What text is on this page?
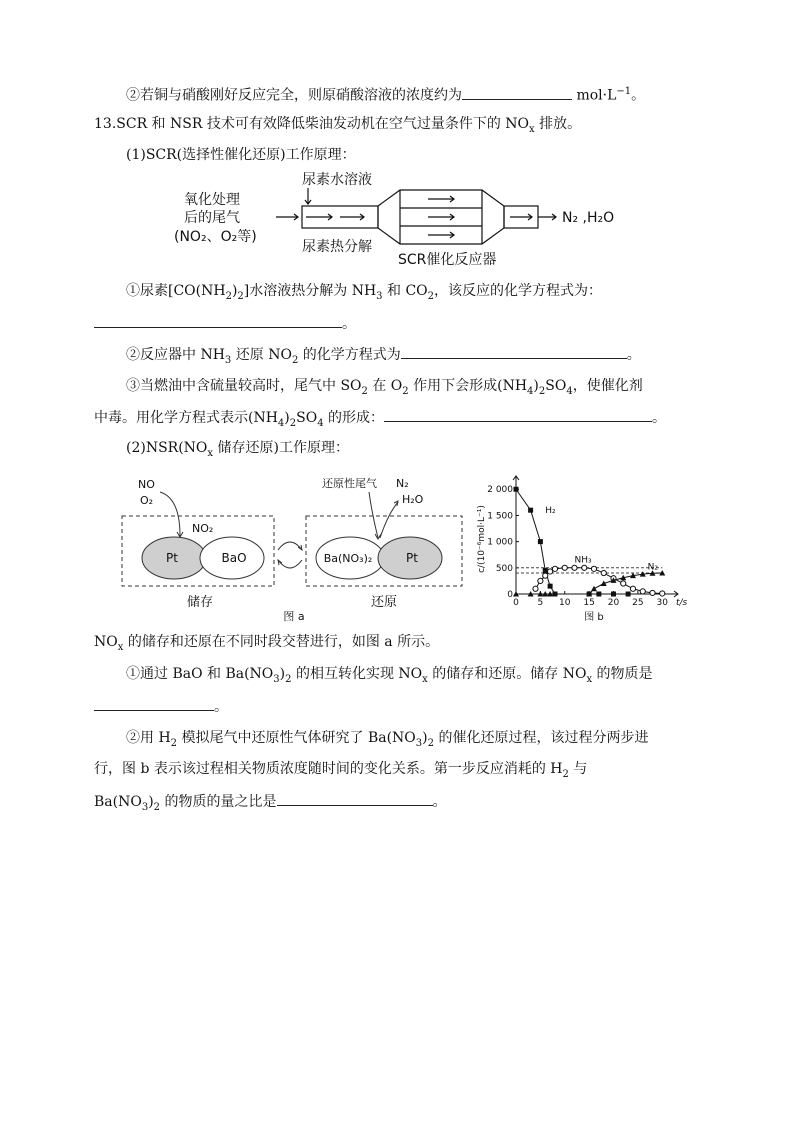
②若铜与硝酸刚好反应完全，则原硝酸溶液的浓度约为	$mol\cdot L^{-1}$。
13.SCR 和 NSR 技术可有效降低柴油发动机在空气过量条件下的 $NO_x$ 排放。
(1)SCR(选择性催化还原)工作原理：
氧化处理
后的尾气
(NO₂、O₂等)
尿素水溶液
尿素热分解
SCR催化反应器
N₂ ,H₂O
①尿素$[CO(NH_2)_2]$水溶液热分解为 $NH_3$ 和 $CO_2$，该反应的化学方程式为：
。
②反应器中 $NH_3$ 还原 $NO_2$ 的化学方程式为	。
③当燃油中含硫量较高时，尾气中 $SO_2$ 在 $O_2$ 作用下会形成$(NH_4)_2SO_4$，使催化剂
中毒。用化学方程式表示$(NH_4)_2SO_4$ 的形成：	。
$(2)NSR(NO_x$ 储存还原)工作原理：
NO
O₂
NO₂
还原性尾气 N₂
H₂O
Pt	BaO	Ba(NO₃)₂	Pt
储存	还原
图 a
0 5 10 15 20 25 30
0
500
1 000
1 500
2 000
t/s
c/(10⁻⁶mol·L⁻¹)
图 b
H₂
NH₃
N₂
$NO_x$ 的储存和还原在不同时段交替进行，如图 a 所示。
①通过 BaO 和 $Ba(NO_3)_2$ 的相互转化实现 $NO_x$ 的储存和还原。储存 $NO_x$ 的物质是
。
②用 $H_2$ 模拟尾气中还原性气体研究了 $Ba(NO_3)_2$ 的催化还原过程，该过程分两步进
行，图 b 表示该过程相关物质浓度随时间的变化关系。第一步反应消耗的 $H_2$ 与
$Ba(NO_3)_2$ 的物质的量之比是	。
